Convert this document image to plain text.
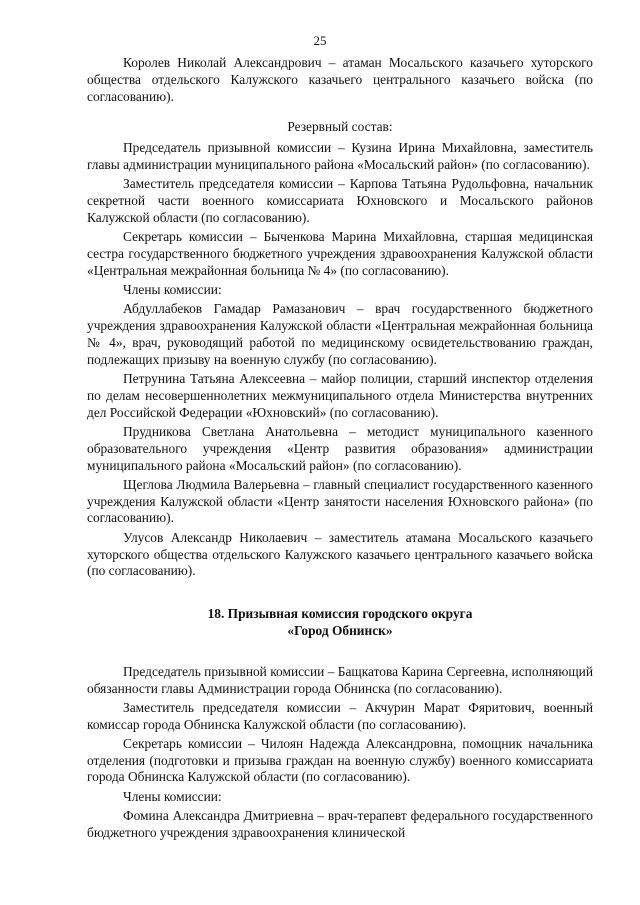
25

Королев Николай Александрович – атаман Мосальского казачьего хуторского общества отдельского Калужского казачьего центрального казачьего войска (по согласованию).

Резервный состав:

Председатель призывной комиссии – Кузина Ирина Михайловна, заместитель главы администрации муниципального района «Мосальский район» (по согласованию).

Заместитель председателя комиссии – Карпова Татьяна Рудольфовна, начальник секретной части военного комиссариата Юхновского и Мосальского районов Калужской области (по согласованию).

Секретарь комиссии – Быченкова Марина Михайловна, старшая медицинская сестра государственного бюджетного учреждения здравоохранения Калужской области «Центральная межрайонная больница № 4» (по согласованию).

Члены комиссии:

Абдуллабеков Гамадар Рамазанович – врач государственного бюджетного учреждения здравоохранения Калужской области «Центральная межрайонная больница № 4», врач, руководящий работой по медицинскому освидетельствованию граждан, подлежащих призыву на военную службу (по согласованию).

Петрунина Татьяна Алексеевна – майор полиции, старший инспектор отделения по делам несовершеннолетних межмуниципального отдела Министерства внутренних дел Российской Федерации «Юхновский» (по согласованию).

Прудникова Светлана Анатольевна – методист муниципального казенного образовательного учреждения «Центр развития образования» администрации муниципального района «Мосальский район» (по согласованию).

Щеглова Людмила Валерьевна – главный специалист государственного казенного учреждения Калужской области «Центр занятости населения Юхновского района» (по согласованию).

Улусов Александр Николаевич – заместитель атамана Мосальского казачьего хуторского общества отдельского Калужского казачьего центрального казачьего войска (по согласованию).

18. Призывная комиссия городского округа
«Город Обнинск»

Председатель призывной комиссии – Бащкатова Карина Сергеевна, исполняющий обязанности главы Администрации города Обнинска (по согласованию).

Заместитель председателя комиссии – Акчурин Марат Фяритович, военный комиссар города Обнинска Калужской области (по согласованию).

Секретарь комиссии – Чилоян Надежда Александровна, помощник начальника отделения (подготовки и призыва граждан на военную службу) военного комиссариата города Обнинска Калужской области (по согласованию).

Члены комиссии:

Фомина Александра Дмитриевна – врач-терапевт федерального государственного бюджетного учреждения здравоохранения клинической
